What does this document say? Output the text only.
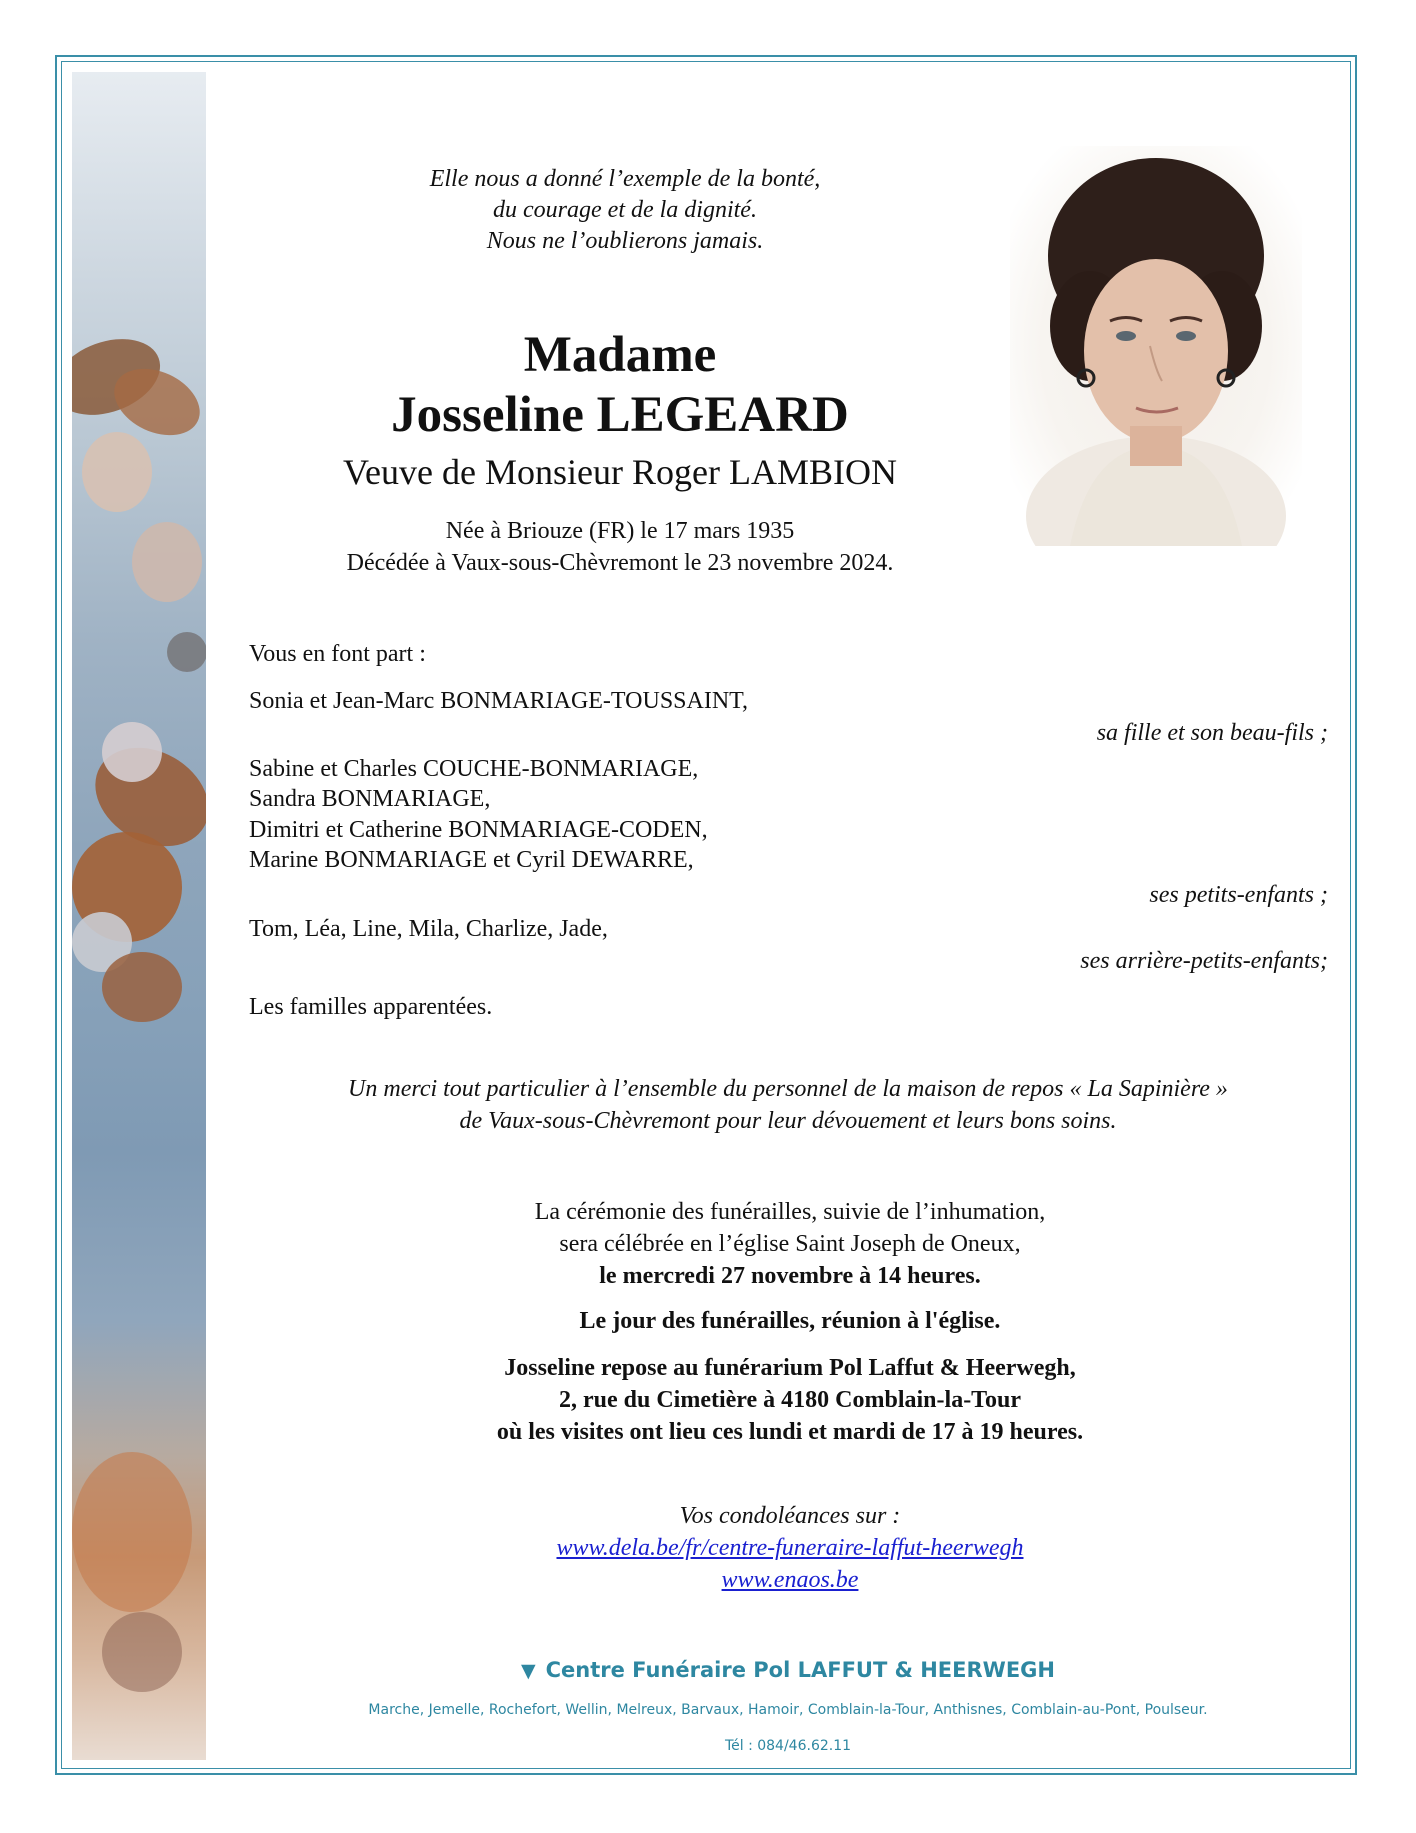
Elle nous a donné l’exemple de la bonté,
du courage et de la dignité.
Nous ne l’oublierons jamais.
Madame
Josseline LEGEARD
Veuve de Monsieur Roger LAMBION
Née à Briouze (FR) le 17 mars 1935
Décédée à Vaux-sous-Chèvremont le 23 novembre 2024.
Vous en font part :
Sonia et Jean-Marc BONMARIAGE-TOUSSAINT,
sa fille et son beau-fils ;
Sabine et Charles COUCHE-BONMARIAGE,
Sandra BONMARIAGE,
Dimitri et Catherine BONMARIAGE-CODEN,
Marine BONMARIAGE et Cyril DEWARRE,
ses petits-enfants ;
Tom, Léa, Line, Mila, Charlize, Jade,
ses arrière-petits-enfants;
Les familles apparentées.
Un merci tout particulier à l’ensemble du personnel de la maison de repos « La Sapinière »
de Vaux-sous-Chèvremont pour leur dévouement et leurs bons soins.
La cérémonie des funérailles, suivie de l’inhumation,
sera célébrée en l’église Saint Joseph de Oneux,
le mercredi 27 novembre à 14 heures.
Le jour des funérailles, réunion à l'église.
Josseline repose au funérarium Pol Laffut & Heerwegh,
2, rue du Cimetière à 4180 Comblain-la-Tour
où les visites ont lieu ces lundi et mardi de 17 à 19 heures.
Vos condoléances sur :
www.dela.be/fr/centre-funeraire-laffut-heerwegh
www.enaos.be
▼ Centre Funéraire Pol LAFFUT & HEERWEGH
Marche, Jemelle, Rochefort, Wellin, Melreux, Barvaux, Hamoir, Comblain-la-Tour, Anthisnes, Comblain-au-Pont, Poulseur.
Tél : 084/46.62.11
